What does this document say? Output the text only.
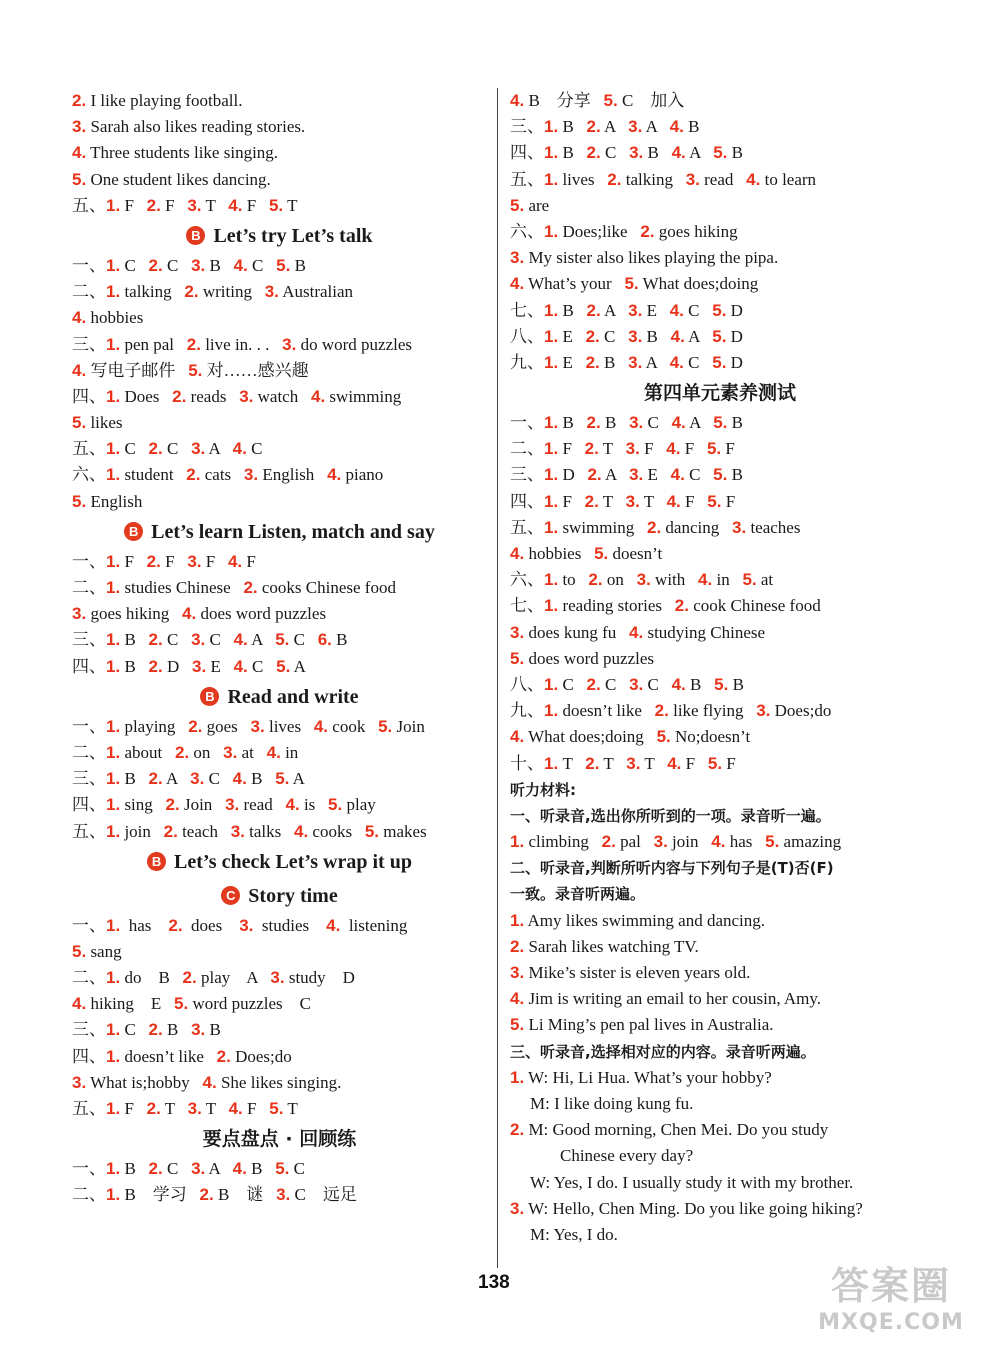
2. I like playing football.
3. Sarah also likes reading stories.
4. Three students like singing.
5. One student likes dancing.
五、1. F   2. F   3. T   4. F   5. T
B Let’s try Let’s talk
一、1. C   2. C   3. B   4. C   5. B
二、1. talking   2. writing   3. Australian
4. hobbies
三、1. pen pal   2. live in. . .   3. do word puzzles
4. 写电子邮件   5. 对……感兴趣
四、1. Does   2. reads   3. watch   4. swimming
5. likes
五、1. C   2. C   3. A   4. C
六、1. student   2. cats   3. English   4. piano
5. English
B Let’s learn Listen, match and say
一、1. F   2. F   3. F   4. F
二、1. studies Chinese   2. cooks Chinese food
3. goes hiking   4. does word puzzles
三、1. B   2. C   3. C   4. A   5. C   6. B
四、1. B   2. D   3. E   4. C   5. A
B Read and write
一、1. playing   2. goes   3. lives   4. cook   5. Join
二、1. about   2. on   3. at   4. in
三、1. B   2. A   3. C   4. B   5. A
四、1. sing   2. Join   3. read   4. is   5. play
五、1. join   2. teach   3. talks   4. cooks   5. makes
B Let’s check Let’s wrap it up
C Story time
一、1.  has    2.  does    3.  studies    4.  listening
5. sang
二、1. do    B   2. play    A   3. study    D
4. hiking    E   5. word puzzles    C
三、1. C   2. B   3. B
四、1. doesn’t like   2. Does;do
3. What is;hobby   4. She likes singing.
五、1. F   2. T   3. T   4. F   5. T
要点盘点 · 回顾练
一、1. B   2. C   3. A   4. B   5. C
二、1. B    学习   2. B    谜   3. C    远足
4. B    分享   5. C    加入
三、1. B   2. A   3. A   4. B
四、1. B   2. C   3. B   4. A   5. B
五、1. lives   2. talking   3. read   4. to learn
5. are
六、1. Does;like   2. goes hiking
3. My sister also likes playing the pipa.
4. What’s your   5. What does;doing
七、1. B   2. A   3. E   4. C   5. D
八、1. E   2. C   3. B   4. A   5. D
九、1. E   2. B   3. A   4. C   5. D
第四单元素养测试
一、1. B   2. B   3. C   4. A   5. B
二、1. F   2. T   3. F   4. F   5. F
三、1. D   2. A   3. E   4. C   5. B
四、1. F   2. T   3. T   4. F   5. F
五、1. swimming   2. dancing   3. teaches
4. hobbies   5. doesn’t
六、1. to   2. on   3. with   4. in   5. at
七、1. reading stories   2. cook Chinese food
3. does kung fu   4. studying Chinese
5. does word puzzles
八、1. C   2. C   3. C   4. B   5. B
九、1. doesn’t like   2. like flying   3. Does;do
4. What does;doing   5. No;doesn’t
十、1. T   2. T   3. T   4. F   5. F
听力材料:
一、听录音,选出你所听到的一项。录音听一遍。
1. climbing   2. pal   3. join   4. has   5. amazing
二、听录音,判断所听内容与下列句子是(T)否(F)
一致。录音听两遍。
1. Amy likes swimming and dancing.
2. Sarah likes watching TV.
3. Mike’s sister is eleven years old.
4. Jim is writing an email to her cousin, Amy.
5. Li Ming’s pen pal lives in Australia.
三、听录音,选择相对应的内容。录音听两遍。
1. W: Hi, Li Hua. What’s your hobby?
M: I like doing kung fu.
2. M: Good morning, Chen Mei. Do you study
Chinese every day?
W: Yes, I do. I usually study it with my brother.
3. W: Hello, Chen Ming. Do you like going hiking?
M: Yes, I do.
138	答案圈
MXQE.COM
